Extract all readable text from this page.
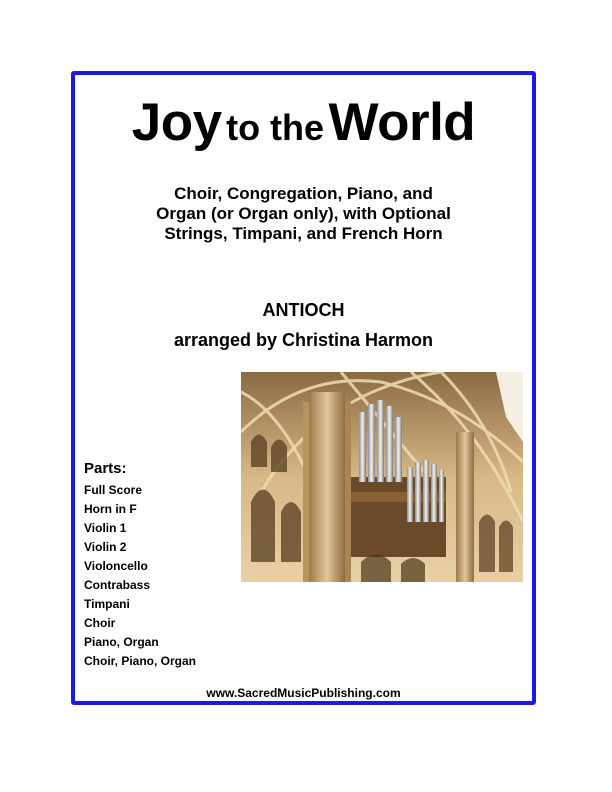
Joy to the World
Choir, Congregation, Piano, and
Organ (or Organ only), with Optional
Strings, Timpani, and French Horn
ANTIOCH
arranged by Christina Harmon
Parts:
Full Score
Horn in F
Violin 1
Violin 2
Violoncello
Contrabass
Timpani
Choir
Piano, Organ
Choir, Piano, Organ
www.SacredMusicPublishing.com
